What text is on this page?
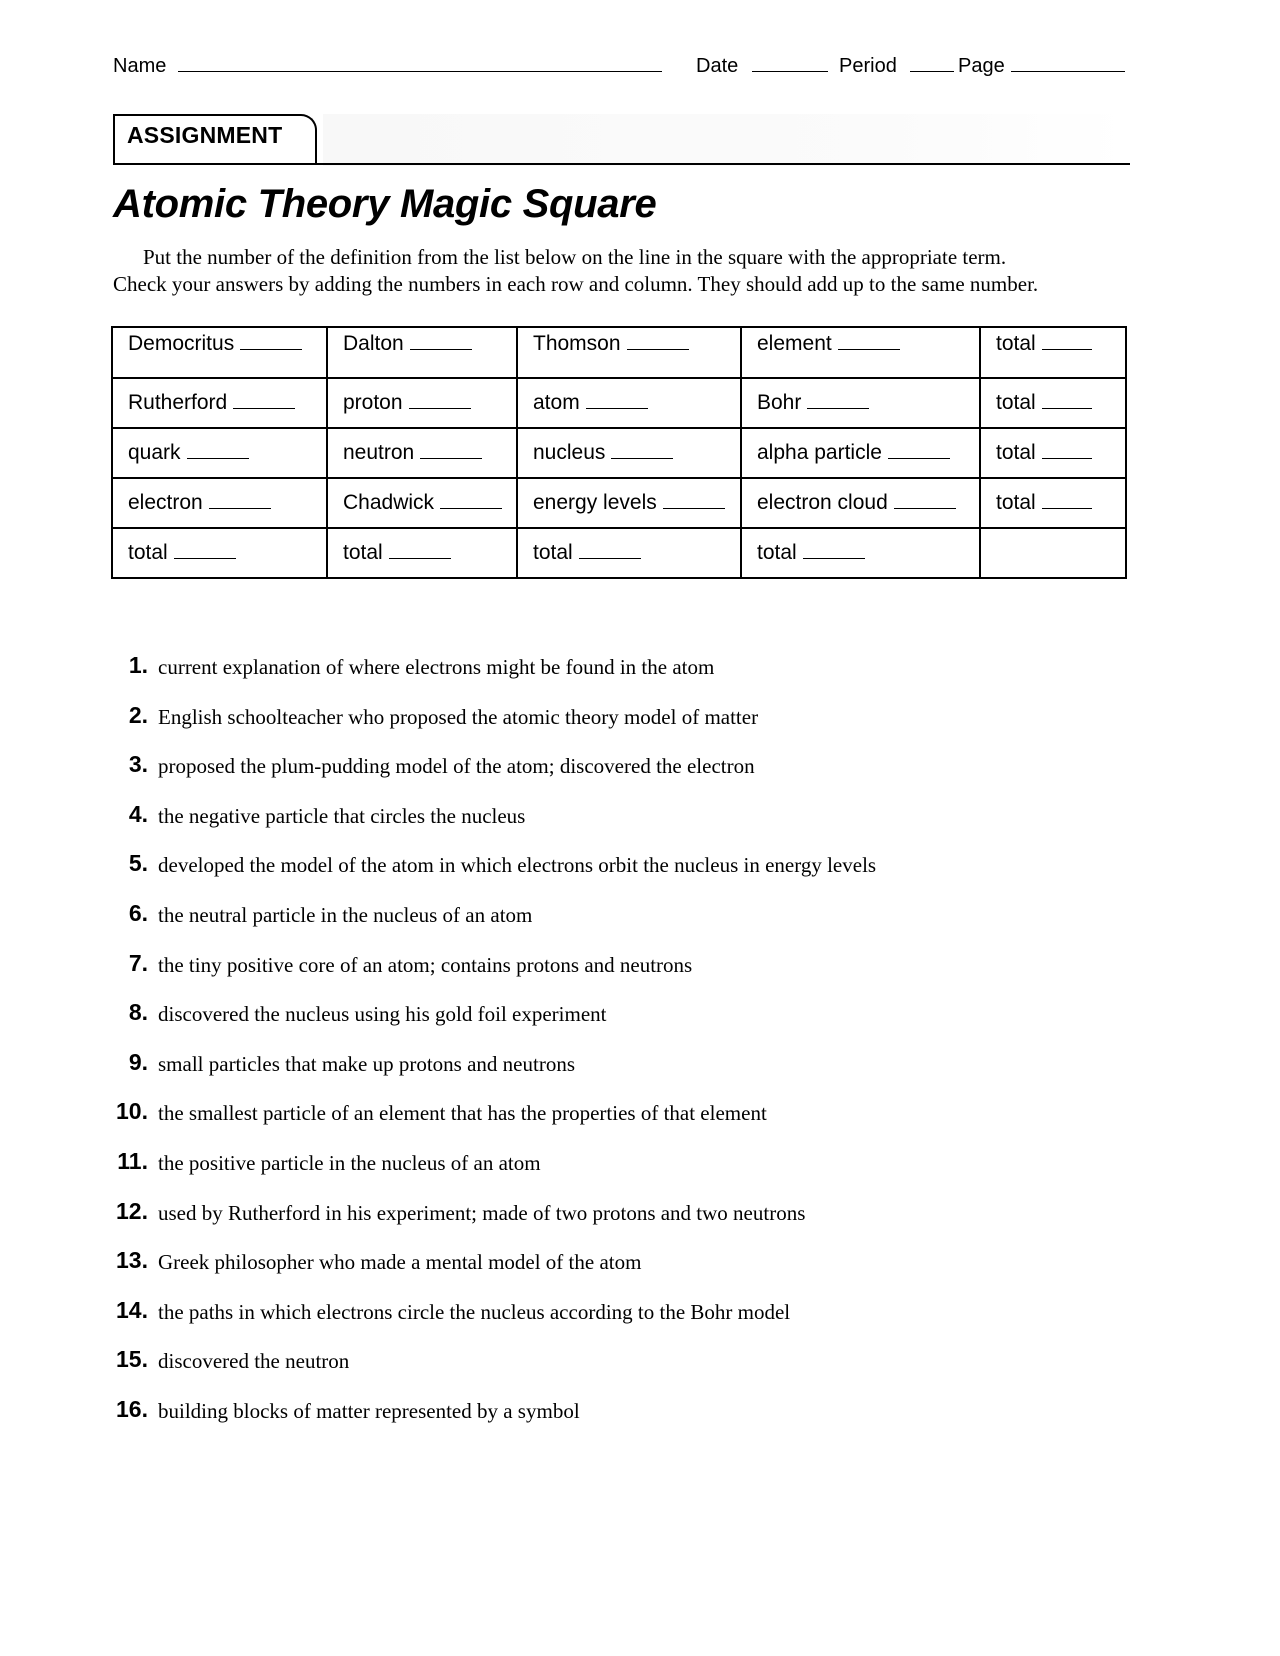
Name	Date	Period	Page
ASSIGNMENT
Atomic Theory Magic Square

Put the number of the definition from the list below on the line in the square with the appropriate term.

Check your answers by adding the numbers in each row and column. They should add up to the same number.

Democritus	Dalton	Thomson	element	total
Rutherford	proton	atom	Bohr	total
quark	neutron	nucleus	alpha particle	total
electron	Chadwick	energy levels	electron cloud	total
total	total	total	total	
1. current explanation of where electrons might be found in the atom
2. English schoolteacher who proposed the atomic theory model of matter
3. proposed the plum-pudding model of the atom; discovered the electron
4. the negative particle that circles the nucleus
5. developed the model of the atom in which electrons orbit the nucleus in energy levels
6. the neutral particle in the nucleus of an atom
7. the tiny positive core of an atom; contains protons and neutrons
8. discovered the nucleus using his gold foil experiment
9. small particles that make up protons and neutrons
10. the smallest particle of an element that has the properties of that element
11. the positive particle in the nucleus of an atom
12. used by Rutherford in his experiment; made of two protons and two neutrons
13. Greek philosopher who made a mental model of the atom
14. the paths in which electrons circle the nucleus according to the Bohr model
15. discovered the neutron
16. building blocks of matter represented by a symbol
